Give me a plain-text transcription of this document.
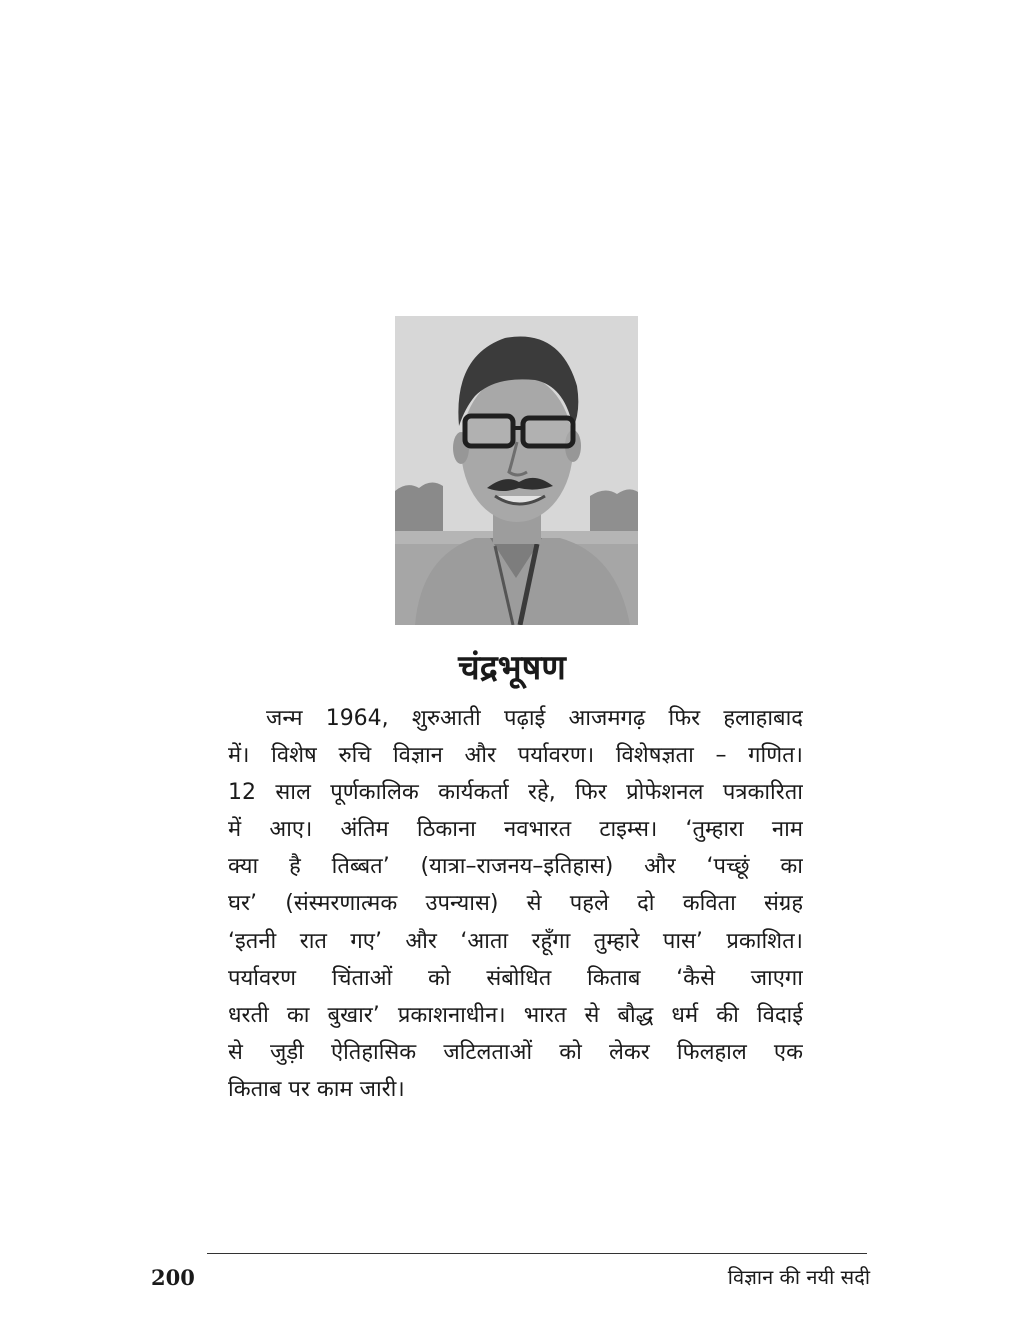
चंद्रभूषण
जन्म 1964, शुरुआती पढ़ाई आजमगढ़ फिर हलाहाबाद
में। विशेष रुचि विज्ञान और पर्यावरण। विशेषज्ञता – गणित।
12 साल पूर्णकालिक कार्यकर्ता रहे, फिर प्रोफेशनल पत्रकारिता
में आए। अंतिम ठिकाना नवभारत टाइम्स। ‘तुम्हारा नाम
क्या है तिब्बत’ (यात्रा–राजनय–इतिहास) और ‘पच्छूं का
घर’ (संस्मरणात्मक उपन्यास) से पहले दो कविता संग्रह
‘इतनी रात गए’ और ‘आता रहूँगा तुम्हारे पास’ प्रकाशित।
पर्यावरण चिंताओं को संबोधित किताब ‘कैसे जाएगा
धरती का बुखार’ प्रकाशनाधीन। भारत से बौद्ध धर्म की विदाई
से जुड़ी ऐतिहासिक जटिलताओं को लेकर फिलहाल एक
किताब पर काम जारी।
200	विज्ञान की नयी सदी
